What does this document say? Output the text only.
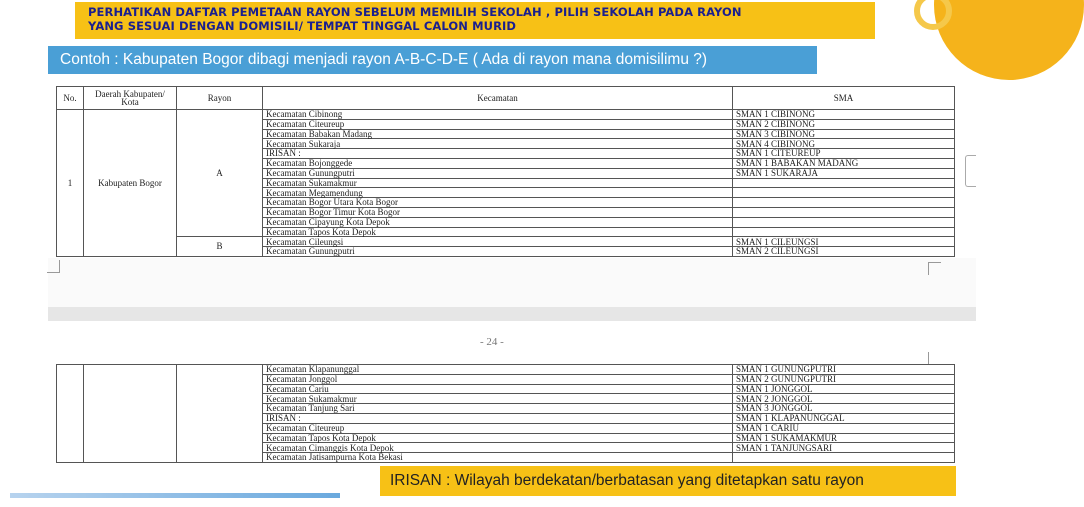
PERHATIKAN DAFTAR PEMETAAN RAYON SEBELUM MEMILIH SEKOLAH , PILIH SEKOLAH PADA RAYON
YANG SESUAI DENGAN DOMISILI/ TEMPAT TINGGAL CALON MURID
Contoh : Kabupaten Bogor dibagi menjadi rayon A-B-C-D-E ( Ada di rayon mana domisilimu ?)
No.	Daerah Kabupaten/ Kota	Rayon	Kecamatan	SMA
1	Kabupaten Bogor	A	Kecamatan Cibinong	SMAN 1 CIBINONG
			Kecamatan Citeureup	SMAN 2 CIBINONG
			Kecamatan Babakan Madang	SMAN 3 CIBINONG
			Kecamatan Sukaraja	SMAN 4 CIBINONG
			IRISAN :	SMAN 1 CITEUREUP
			Kecamatan Bojonggede	SMAN 1 BABAKAN MADANG
			Kecamatan Gunungputri	SMAN 1 SUKARAJA
			Kecamatan Sukamakmur	
			Kecamatan Megamendung	
			Kecamatan Bogor Utara Kota Bogor	
			Kecamatan Bogor Timur Kota Bogor	
			Kecamatan Cipayung Kota Depok	
			Kecamatan Tapos Kota Depok	
		B	Kecamatan Cileungsi	SMAN 1 CILEUNGSI
			Kecamatan Gunungputri	SMAN 2 CILEUNGSI
- 24 -
			Kecamatan Klapanunggal	SMAN 1 GUNUNGPUTRI
			Kecamatan Jonggol	SMAN 2 GUNUNGPUTRI
			Kecamatan Cariu	SMAN 1 JONGGOL
			Kecamatan Sukamakmur	SMAN 2 JONGGOL
			Kecamatan Tanjung Sari	SMAN 3 JONGGOL
			IRISAN :	SMAN 1 KLAPANUNGGAL
			Kecamatan Citeureup	SMAN 1 CARIU
			Kecamatan Tapos Kota Depok	SMAN 1 SUKAMAKMUR
			Kecamatan Cimanggis Kota Depok	SMAN 1 TANJUNGSARI
			Kecamatan Jatisampurna Kota Bekasi	
IRISAN : Wilayah berdekatan/berbatasan yang ditetapkan satu rayon
